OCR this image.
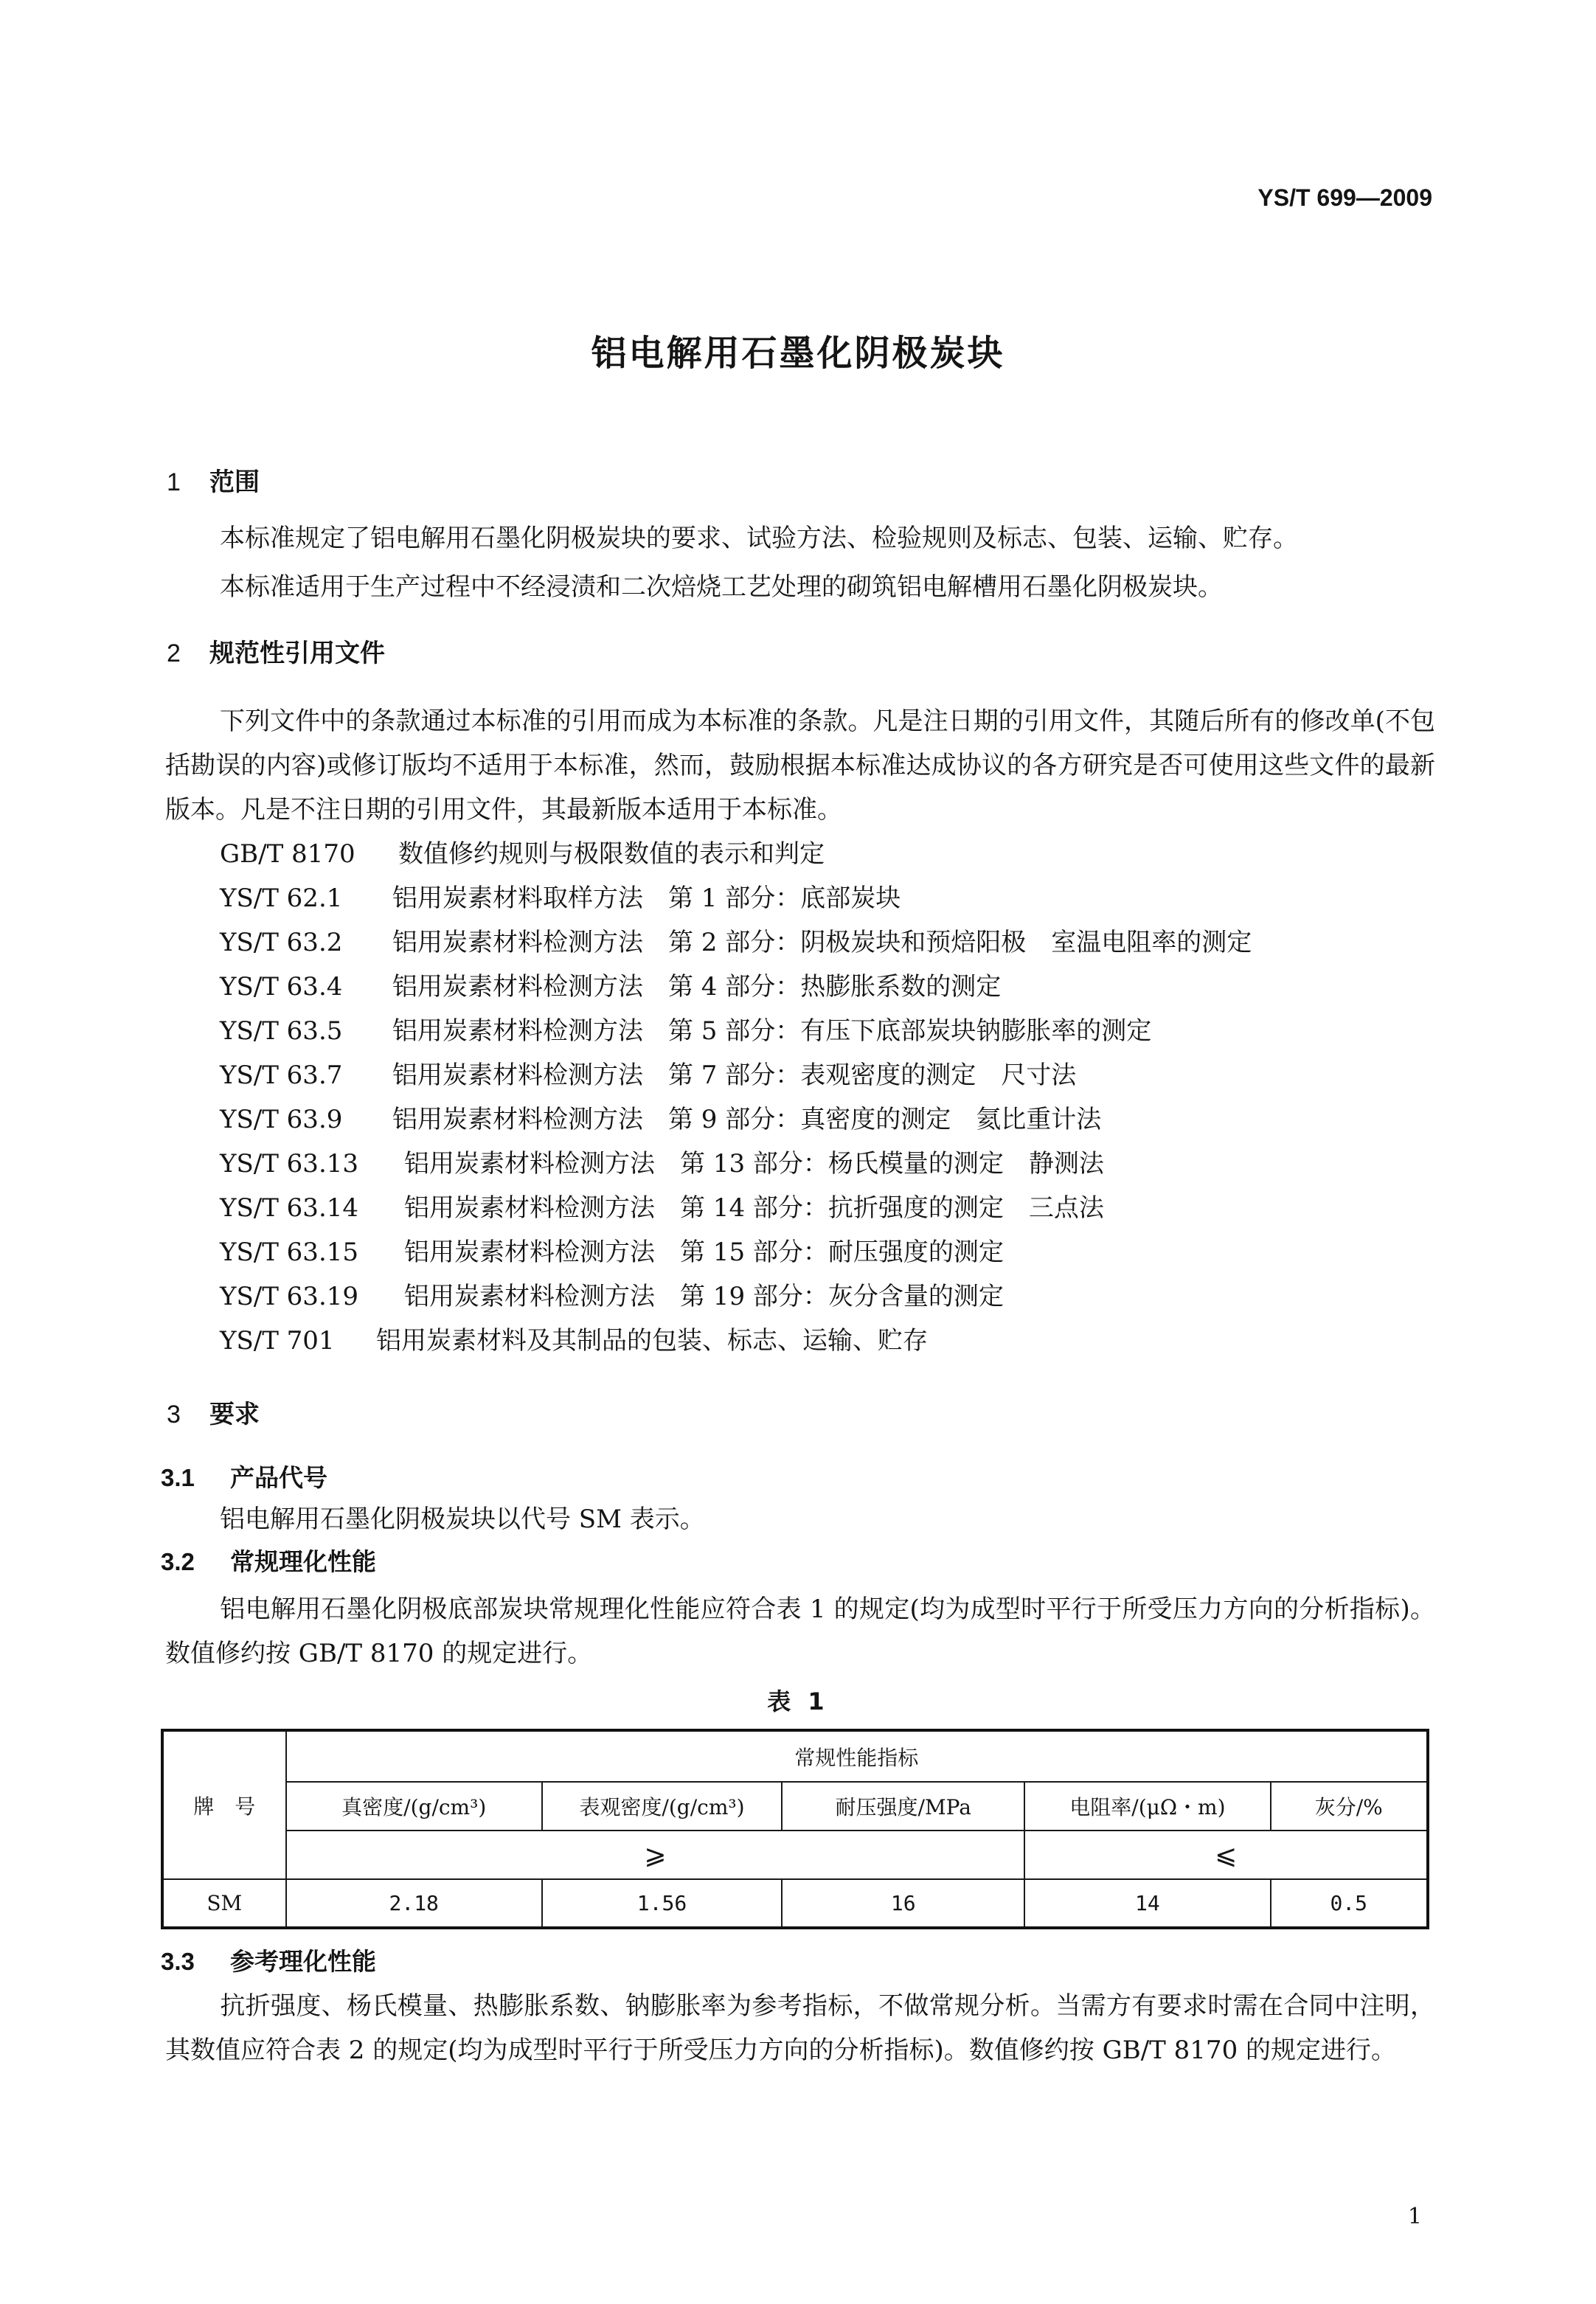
YS/T 699—2009
铝电解用石墨化阴极炭块
1 范围
本标准规定了铝电解用石墨化阴极炭块的要求、试验方法、检验规则及标志、包装、运输、贮存。
本标准适用于生产过程中不经浸渍和二次焙烧工艺处理的砌筑铝电解槽用石墨化阴极炭块。
2 规范性引用文件
下列文件中的条款通过本标准的引用而成为本标准的条款。凡是注日期的引用文件，其随后所有的修改单(不包括勘误的内容)或修订版均不适用于本标准，然而，鼓励根据本标准达成协议的各方研究是否可使用这些文件的最新版本。凡是不注日期的引用文件，其最新版本适用于本标准。
GB/T 8170 数值修约规则与极限数值的表示和判定
YS/T 62.1 铝用炭素材料取样方法　第 1 部分：底部炭块
YS/T 63.2 铝用炭素材料检测方法　第 2 部分：阴极炭块和预焙阳极　室温电阻率的测定
YS/T 63.4 铝用炭素材料检测方法　第 4 部分：热膨胀系数的测定
YS/T 63.5 铝用炭素材料检测方法　第 5 部分：有压下底部炭块钠膨胀率的测定
YS/T 63.7 铝用炭素材料检测方法　第 7 部分：表观密度的测定　尺寸法
YS/T 63.9 铝用炭素材料检测方法　第 9 部分：真密度的测定　氦比重计法
YS/T 63.13 铝用炭素材料检测方法　第 13 部分：杨氏模量的测定　静测法
YS/T 63.14 铝用炭素材料检测方法　第 14 部分：抗折强度的测定　三点法
YS/T 63.15 铝用炭素材料检测方法　第 15 部分：耐压强度的测定
YS/T 63.19 铝用炭素材料检测方法　第 19 部分：灰分含量的测定
YS/T 701 铝用炭素材料及其制品的包装、标志、运输、贮存
3 要求
3.1 产品代号
铝电解用石墨化阴极炭块以代号 SM 表示。
3.2 常规理化性能
铝电解用石墨化阴极底部炭块常规理化性能应符合表 1 的规定(均为成型时平行于所受压力方向的分析指标)。数值修约按 GB/T 8170 的规定进行。
表 1
牌　号	常规性能指标				
	真密度/(g/cm³)	表观密度/(g/cm³)	耐压强度/MPa	电阻率/(μΩ・m)	灰分/%
	⩾			⩽	
SM	2.18	1.56	16	14	0.5
3.3 参考理化性能
抗折强度、杨氏模量、热膨胀系数、钠膨胀率为参考指标，不做常规分析。当需方有要求时需在合同中注明，其数值应符合表 2 的规定(均为成型时平行于所受压力方向的分析指标)。数值修约按 GB/T 8170 的规定进行。
1
